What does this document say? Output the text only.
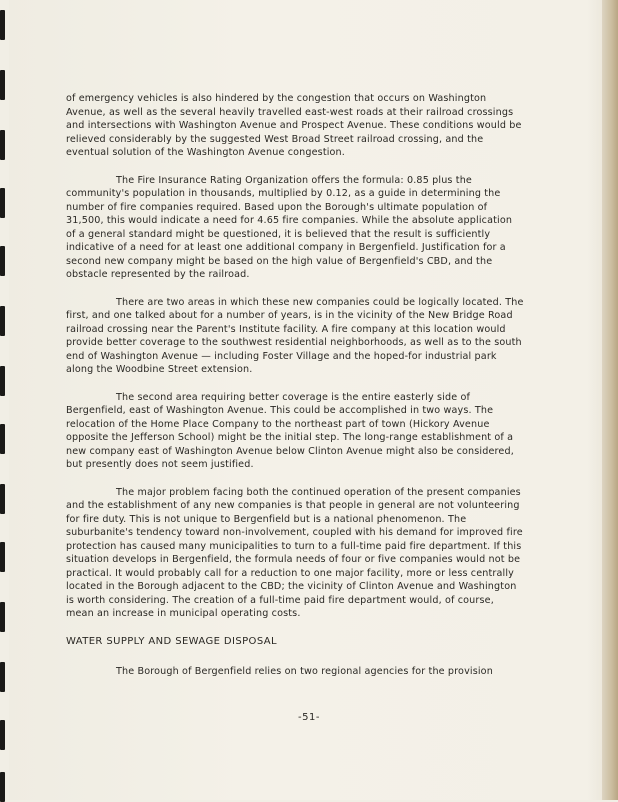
of emergency vehicles is also hindered by the congestion that occurs on Washington Avenue, as well as the several heavily travelled east-west roads at their railroad crossings and intersections with Washington Avenue and Prospect Avenue. These conditions would be relieved considerably by the suggested West Broad Street railroad crossing, and the eventual solution of the Washington Avenue congestion.

The Fire Insurance Rating Organization offers the formula: 0.85 plus the community's population in thousands, multiplied by 0.12, as a guide in determining the number of fire companies required. Based upon the Borough's ultimate population of 31,500, this would indicate a need for 4.65 fire companies. While the absolute application of a general standard might be questioned, it is believed that the result is sufficiently indicative of a need for at least one additional company in Bergenfield. Justification for a second new company might be based on the high value of Bergenfield's CBD, and the obstacle represented by the railroad.

There are two areas in which these new companies could be logically located. The first, and one talked about for a number of years, is in the vicinity of the New Bridge Road railroad crossing near the Parent's Institute facility. A fire company at this location would provide better coverage to the southwest residential neighborhoods, as well as to the south end of Washington Avenue — including Foster Village and the hoped-for industrial park along the Woodbine Street extension.

The second area requiring better coverage is the entire easterly side of Bergenfield, east of Washington Avenue. This could be accomplished in two ways. The relocation of the Home Place Company to the northeast part of town (Hickory Avenue opposite the Jefferson School) might be the initial step. The long-range establishment of a new company east of Washington Avenue below Clinton Avenue might also be considered, but presently does not seem justified.

The major problem facing both the continued operation of the present companies and the establishment of any new companies is that people in general are not volunteering for fire duty. This is not unique to Bergenfield but is a national phenomenon. The suburbanite's tendency toward non-involvement, coupled with his demand for improved fire protection has caused many municipalities to turn to a full-time paid fire department. If this situation develops in Bergenfield, the formula needs of four or five companies would not be practical. It would probably call for a reduction to one major facility, more or less centrally located in the Borough adjacent to the CBD; the vicinity of Clinton Avenue and Washington is worth considering. The creation of a full-time paid fire department would, of course, mean an increase in municipal operating costs.

WATER SUPPLY AND SEWAGE DISPOSAL

The Borough of Bergenfield relies on two regional agencies for the provision

-51-
